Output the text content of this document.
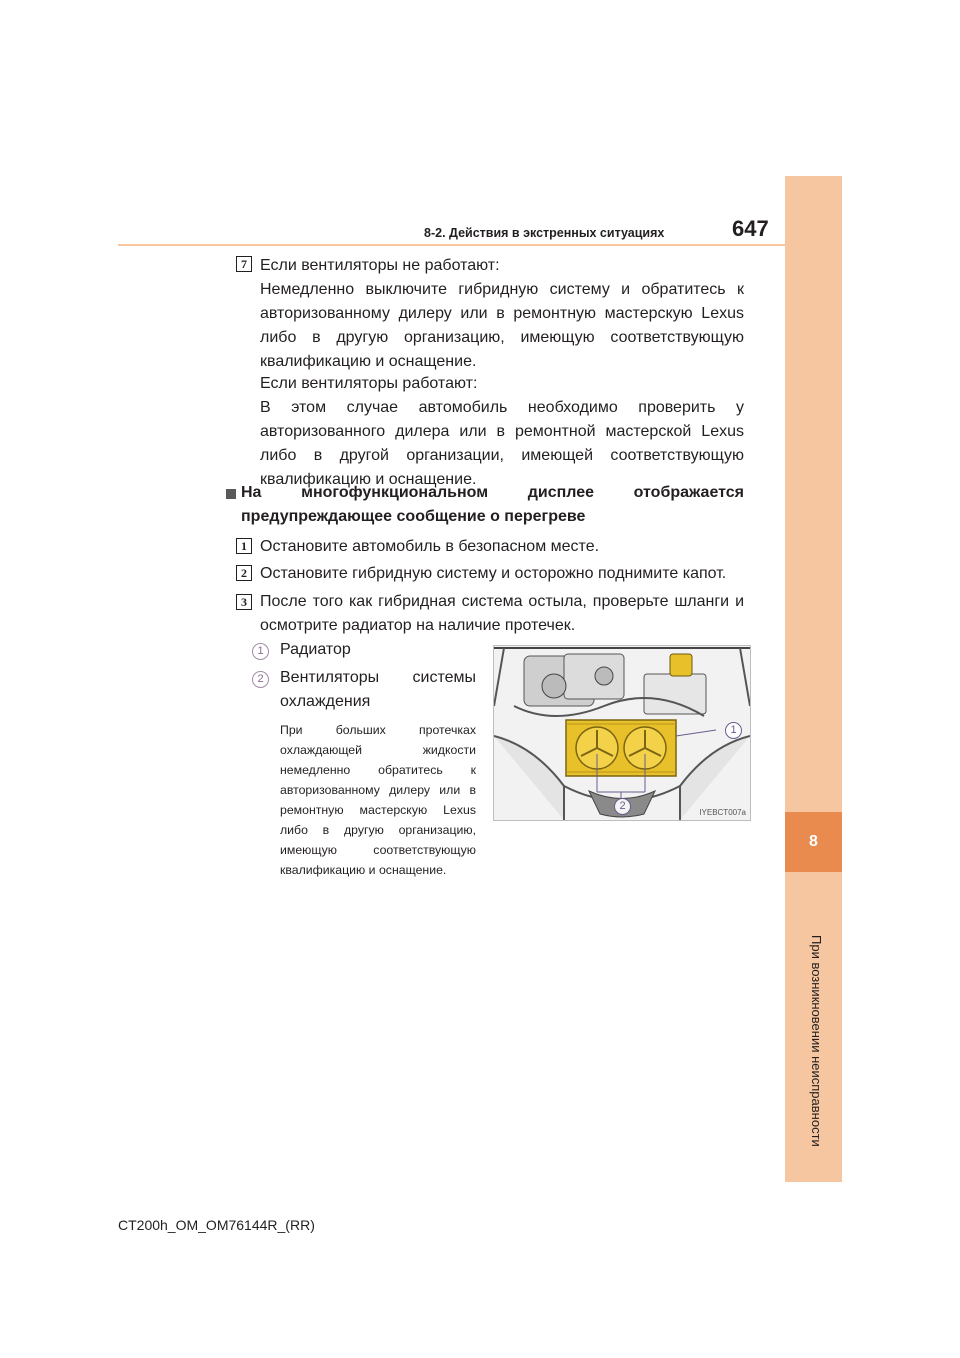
8-2. Действия в экстренных ситуациях	647
8
При возникновении неисправности
7 Если вентиляторы не работают:
Немедленно выключите гибридную систему и обратитесь к авторизованному дилеру или в ремонтную мастерскую Lexus либо в другую организацию, имеющую соответствующую квалификацию и оснащение.
Если вентиляторы работают:
В этом случае автомобиль необходимо проверить у авторизованного дилера или в ремонтной мастерской Lexus либо в другой организации, имеющей соответствующую квалификацию и оснащение.
На многофункциональном дисплее отображается предупреждающее сообщение о перегреве
1 Остановите автомобиль в безопасном месте.
2 Остановите гибридную систему и осторожно поднимите капот.
3 После того как гибридная система остыла, проверьте шланги и осмотрите радиатор на наличие протечек.
1	Радиатор
2	Вентиляторы системы охлаждения
При больших протечках охлаждающей жидкости немедленно обратитесь к авторизованному дилеру или в ремонтную мастерскую Lexus либо в другую организацию, имеющую соответствующую квалификацию и оснащение.
1
2
IYEBCT007a
CT200h_OM_OM76144R_(RR)
